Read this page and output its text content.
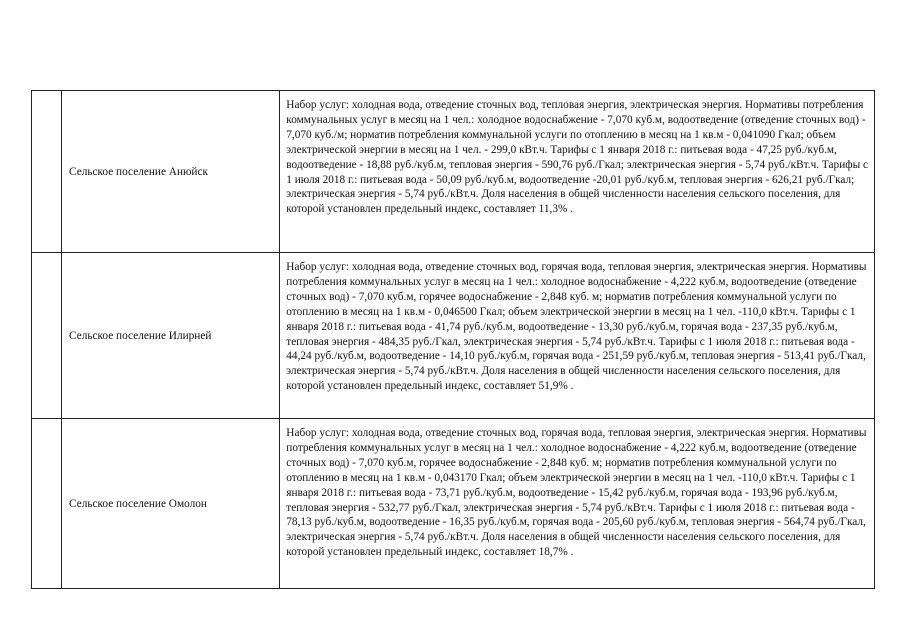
	Сельское поселение Анюйск	Набор услуг: холодная вода, отведение сточных вод, тепловая энергия, электрическая энергия. Нормативы потребления коммунальных услуг в месяц на 1 чел.: холодное водоснабжение - 7,070 куб.м, водоотведение (отведение сточных вод) - 7,070 куб./м; норматив потребления коммунальной услуги по отоплению в месяц на 1 кв.м - 0,041090 Гкал; объем электрической энергии в месяц на 1 чел. - 299,0 кВт.ч. Тарифы с 1 января 2018 г.: питьевая вода - 47,25 руб./куб.м, водоотведение - 18,88 руб./куб.м, тепловая энергия - 590,76 руб./Гкал; электрическая энергия - 5,74 руб./кВт.ч. Тарифы с 1 июля 2018 г.: питьевая вода - 50,09 руб./куб.м, водоотведение -20,01 руб./куб.м, тепловая энергия - 626,21 руб./Гкал; электрическая энергия - 5,74 руб./кВт.ч. Доля населения в общей численности населения сельского поселения, для которой установлен предельный индекс, составляет 11,3% .

	Сельское поселение Илирней	Набор услуг: холодная вода, отведение сточных вод, горячая вода, тепловая энергия, электрическая энергия. Нормативы потребления коммунальных услуг в месяц на 1 чел.: холодное водоснабжение - 4,222 куб.м, водоотведение (отведение сточных вод) - 7,070 куб.м, горячее водоснабжение - 2,848 куб. м; норматив потребления коммунальной услуги по отоплению в месяц на 1 кв.м - 0,046500 Гкал; объем электрической энергии в месяц на 1 чел. -110,0 кВт.ч. Тарифы с 1 января 2018 г.: питьевая вода - 41,74 руб./куб.м, водоотведение - 13,30 руб./куб.м, горячая вода - 237,35 руб./куб.м, тепловая энергия - 484,35 руб./Гкал, электрическая энергия - 5,74 руб./кВт.ч. Тарифы с 1 июля 2018 г.: питьевая вода - 44,24 руб./куб.м, водоотведение - 14,10 руб./куб.м, горячая вода - 251,59 руб./куб.м, тепловая энергия - 513,41 руб./Гкал, электрическая энергия - 5,74 руб./кВт.ч. Доля населения в общей численности населения сельского поселения, для которой установлен предельный индекс, составляет 51,9% .

	Сельское поселение Омолон	Набор услуг: холодная вода, отведение сточных вод, горячая вода, тепловая энергия, электрическая энергия. Нормативы потребления коммунальных услуг в месяц на 1 чел.: холодное водоснабжение - 4,222 куб.м, водоотведение (отведение сточных вод) - 7,070 куб.м, горячее водоснабжение - 2,848 куб. м; норматив потребления коммунальной услуги по отоплению в месяц на 1 кв.м - 0,043170 Гкал; объем электрической энергии в месяц на 1 чел. -110,0 кВт.ч. Тарифы с 1 января 2018 г.: питьевая вода - 73,71 руб./куб.м, водоотведение - 15,42 руб./куб.м, горячая вода - 193,96 руб./куб.м, тепловая энергия - 532,77 руб./Гкал, электрическая энергия - 5,74 руб./кВт.ч. Тарифы с 1 июля 2018 г.: питьевая вода - 78,13 руб./куб.м, водоотведение - 16,35 руб./куб.м, горячая вода - 205,60 руб./куб.м, тепловая энергия - 564,74 руб./Гкал, электрическая энергия - 5,74 руб./кВт.ч. Доля населения в общей численности населения сельского поселения, для которой установлен предельный индекс, составляет 18,7% .
